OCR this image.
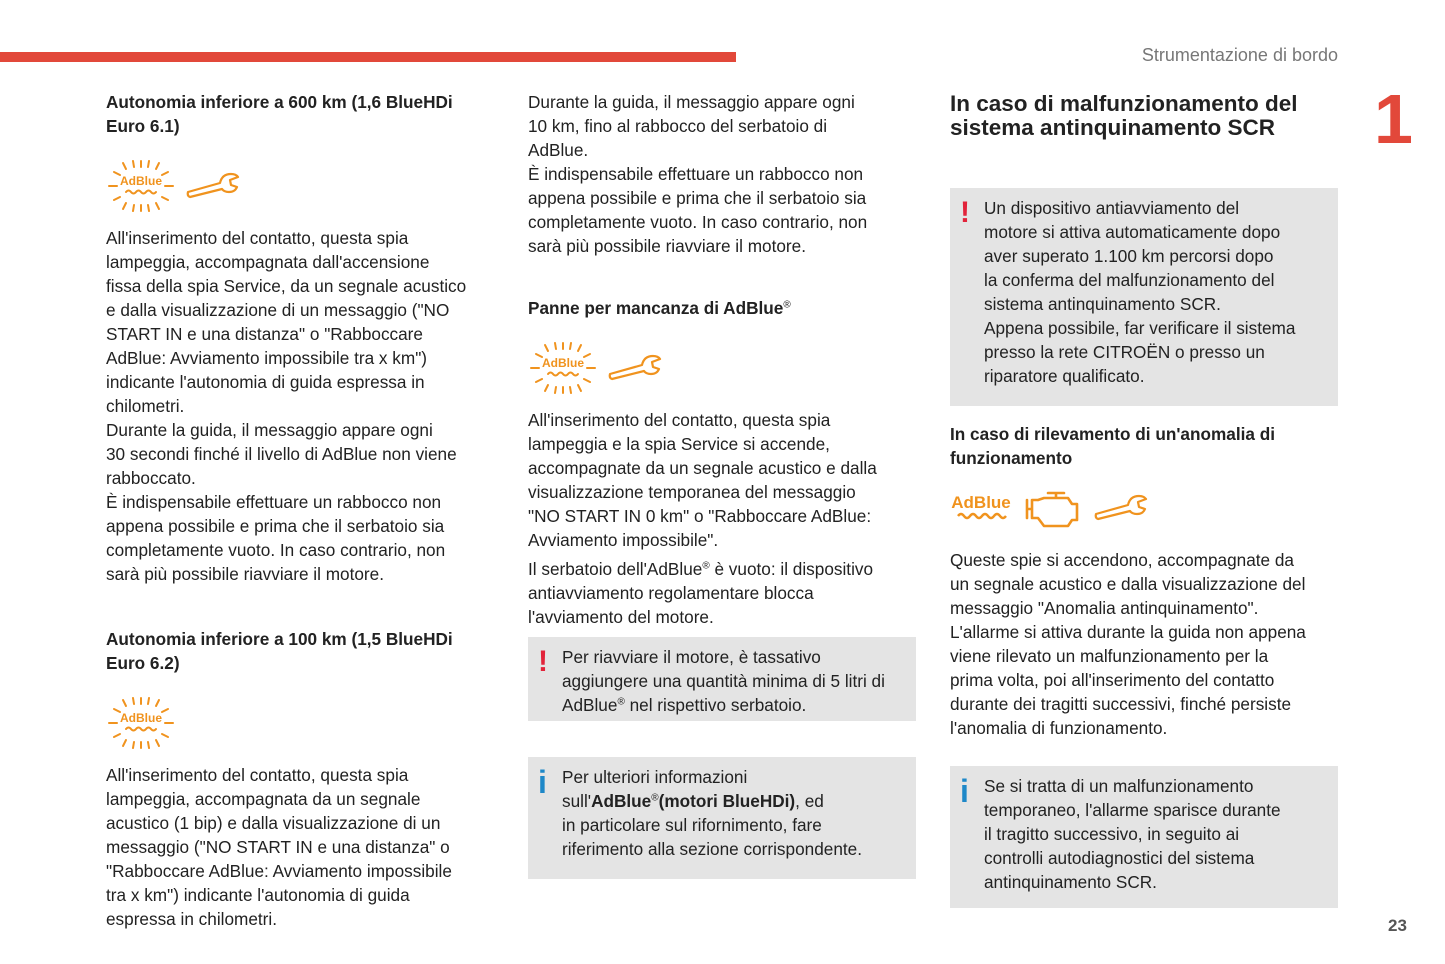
Strumentazione di bordo
1
23
Autonomia inferiore a 600 km (1,6 BlueHDi
Euro 6.1)
AdBlue
All'inserimento del contatto, questa spia
lampeggia, accompagnata dall'accensione
fissa della spia Service, da un segnale acustico
e dalla visualizzazione di un messaggio ("NO
START IN e una distanza" o "Rabboccare
AdBlue: Avviamento impossibile tra x km")
indicante l'autonomia di guida espressa in
chilometri.
Durante la guida, il messaggio appare ogni
30 secondi finché il livello di AdBlue non viene
rabboccato.
È indispensabile effettuare un rabbocco non
appena possibile e prima che il serbatoio sia
completamente vuoto. In caso contrario, non
sarà più possibile riavviare il motore.
Autonomia inferiore a 100 km (1,5 BlueHDi
Euro 6.2)
AdBlue
All'inserimento del contatto, questa spia
lampeggia, accompagnata da un segnale
acustico (1 bip) e dalla visualizzazione di un
messaggio ("NO START IN e una distanza" o
"Rabboccare AdBlue: Avviamento impossibile
tra x km") indicante l'autonomia di guida
espressa in chilometri.
Durante la guida, il messaggio appare ogni
10 km, fino al rabbocco del serbatoio di
AdBlue.
È indispensabile effettuare un rabbocco non
appena possibile e prima che il serbatoio sia
completamente vuoto. In caso contrario, non
sarà più possibile riavviare il motore.
Panne per mancanza di AdBlue®
AdBlue
All'inserimento del contatto, questa spia
lampeggia e la spia Service si accende,
accompagnate da un segnale acustico e dalla
visualizzazione temporanea del messaggio
"NO START IN 0 km" o "Rabboccare AdBlue:
Avviamento impossibile".
Il serbatoio dell'AdBlue® è vuoto: il dispositivo
antiavviamento regolamentare blocca
l'avviamento del motore.
! Per riavviare il motore, è tassativo
aggiungere una quantità minima di 5 litri di
AdBlue® nel rispettivo serbatoio.
i Per ulteriori informazioni
sull'AdBlue®(motori BlueHDi), ed
in particolare sul rifornimento, fare
riferimento alla sezione corrispondente.
In caso di malfunzionamento del
sistema antinquinamento SCR
! Un dispositivo antiavviamento del
motore si attiva automaticamente dopo
aver superato 1.100 km percorsi dopo
la conferma del malfunzionamento del
sistema antinquinamento SCR.
Appena possibile, far verificare il sistema
presso la rete CITROËN o presso un
riparatore qualificato.
In caso di rilevamento di un'anomalia di
funzionamento
AdBlue
Queste spie si accendono, accompagnate da
un segnale acustico e dalla visualizzazione del
messaggio "Anomalia antinquinamento".
L'allarme si attiva durante la guida non appena
viene rilevato un malfunzionamento per la
prima volta, poi all'inserimento del contatto
durante dei tragitti successivi, finché persiste
l'anomalia di funzionamento.
i Se si tratta di un malfunzionamento
temporaneo, l'allarme sparisce durante
il tragitto successivo, in seguito ai
controlli autodiagnostici del sistema
antinquinamento SCR.
